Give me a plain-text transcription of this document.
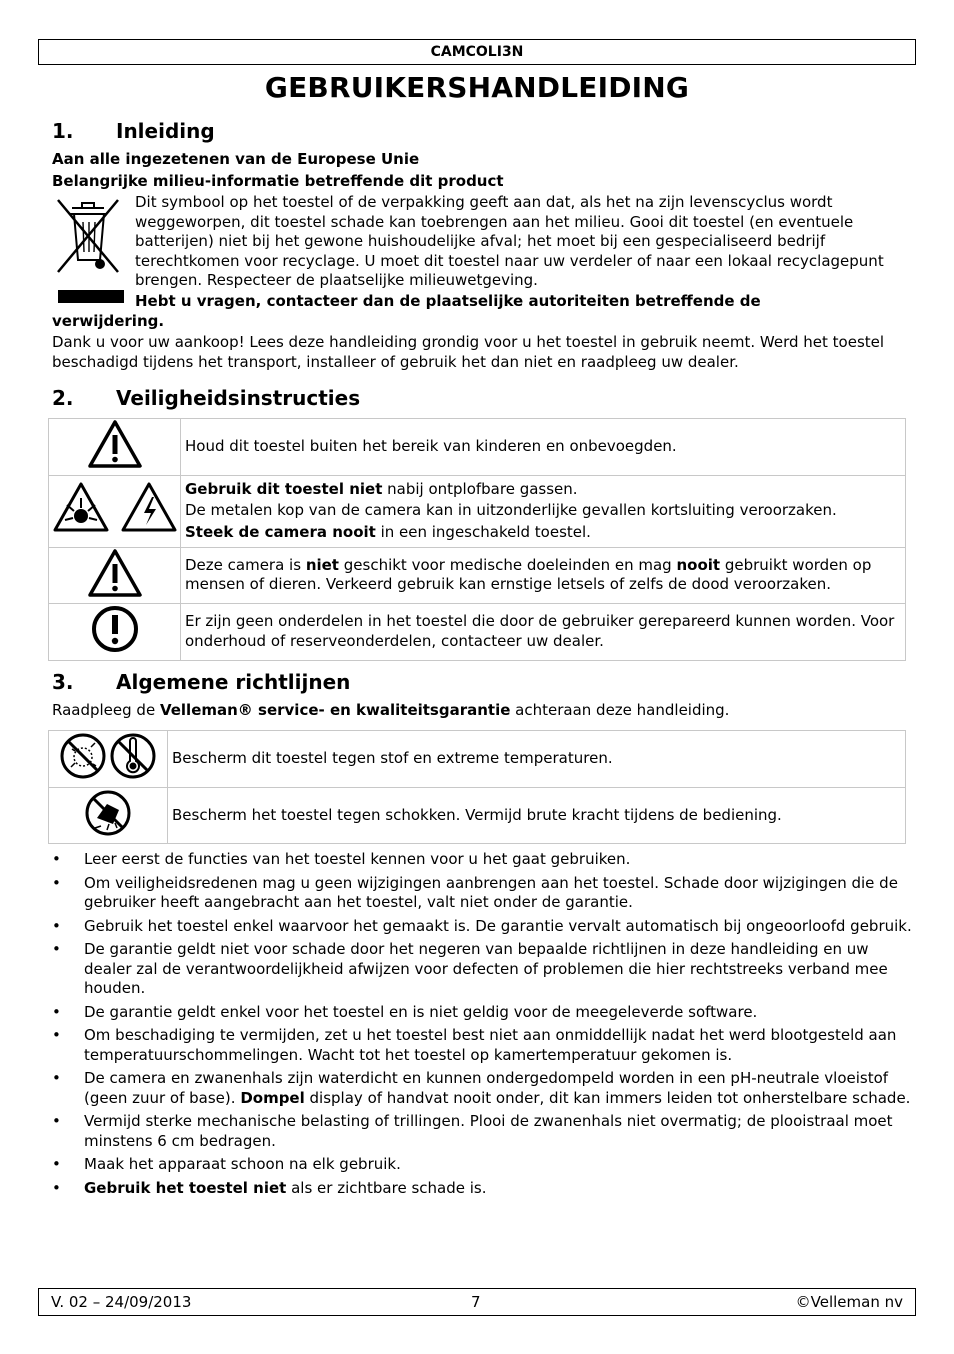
CAMCOLI3N
GEBRUIKERSHANDLEIDING
1. Inleiding
Aan alle ingezetenen van de Europese Unie
Belangrijke milieu-informatie betreffende dit product
Dit symbool op het toestel of de verpakking geeft aan dat, als het na zijn levenscyclus wordt weggeworpen, dit toestel schade kan toebrengen aan het milieu. Gooi dit toestel (en eventuele batterijen) niet bij het gewone huishoudelijke afval; het moet bij een gespecialiseerd bedrijf terechtkomen voor recyclage. U moet dit toestel naar uw verdeler of naar een lokaal recyclagepunt brengen. Respecteer de plaatselijke milieuwetgeving.
Hebt u vragen, contacteer dan de plaatselijke autoriteiten betreffende de
verwijdering.
Dank u voor uw aankoop! Lees deze handleiding grondig voor u het toestel in gebruik neemt. Werd het toestel beschadigd tijdens het transport, installeer of gebruik het dan niet en raadpleeg uw dealer.
2. Veiligheidsinstructies
	Houd dit toestel buiten het bereik van kinderen en onbevoegden.

Gebruik dit toestel niet nabij ontplofbare gassen.
De metalen kop van de camera kan in uitzonderlijke gevallen kortsluiting veroorzaken.
Steek de camera nooit in een ingeschakeld toestel.

	Deze camera is niet geschikt voor medische doeleinden en mag nooit gebruikt worden op mensen of dieren. Verkeerd gebruik kan ernstige letsels of zelfs de dood veroorzaken.
	Er zijn geen onderdelen in het toestel die door de gebruiker gerepareerd kunnen worden. Voor onderhoud of reserveonderdelen, contacteer uw dealer.
3. Algemene richtlijnen
Raadpleeg de Velleman® service- en kwaliteitsgarantie achteraan deze handleiding.
	Bescherm dit toestel tegen stof en extreme temperaturen.
	Bescherm het toestel tegen schokken. Vermijd brute kracht tijdens de bediening.
• Leer eerst de functies van het toestel kennen voor u het gaat gebruiken.
• Om veiligheidsredenen mag u geen wijzigingen aanbrengen aan het toestel. Schade door wijzigingen die de gebruiker heeft aangebracht aan het toestel, valt niet onder de garantie.
• Gebruik het toestel enkel waarvoor het gemaakt is. De garantie vervalt automatisch bij ongeoorloofd gebruik.
• De garantie geldt niet voor schade door het negeren van bepaalde richtlijnen in deze handleiding en uw dealer zal de verantwoordelijkheid afwijzen voor defecten of problemen die hier rechtstreeks verband mee houden.
• De garantie geldt enkel voor het toestel en is niet geldig voor de meegeleverde software.
• Om beschadiging te vermijden, zet u het toestel best niet aan onmiddellijk nadat het werd blootgesteld aan temperatuurschommelingen. Wacht tot het toestel op kamertemperatuur gekomen is.
• De camera en zwanenhals zijn waterdicht en kunnen ondergedompeld worden in een pH-neutrale vloeistof (geen zuur of base). Dompel display of handvat nooit onder, dit kan immers leiden tot onherstelbare schade.
• Vermijd sterke mechanische belasting of trillingen. Plooi de zwanenhals niet overmatig; de plooistraal moet minstens 6 cm bedragen.
• Maak het apparaat schoon na elk gebruik.
• Gebruik het toestel niet als er zichtbare schade is.
V. 02 – 24/09/2013	7	©Velleman nv
